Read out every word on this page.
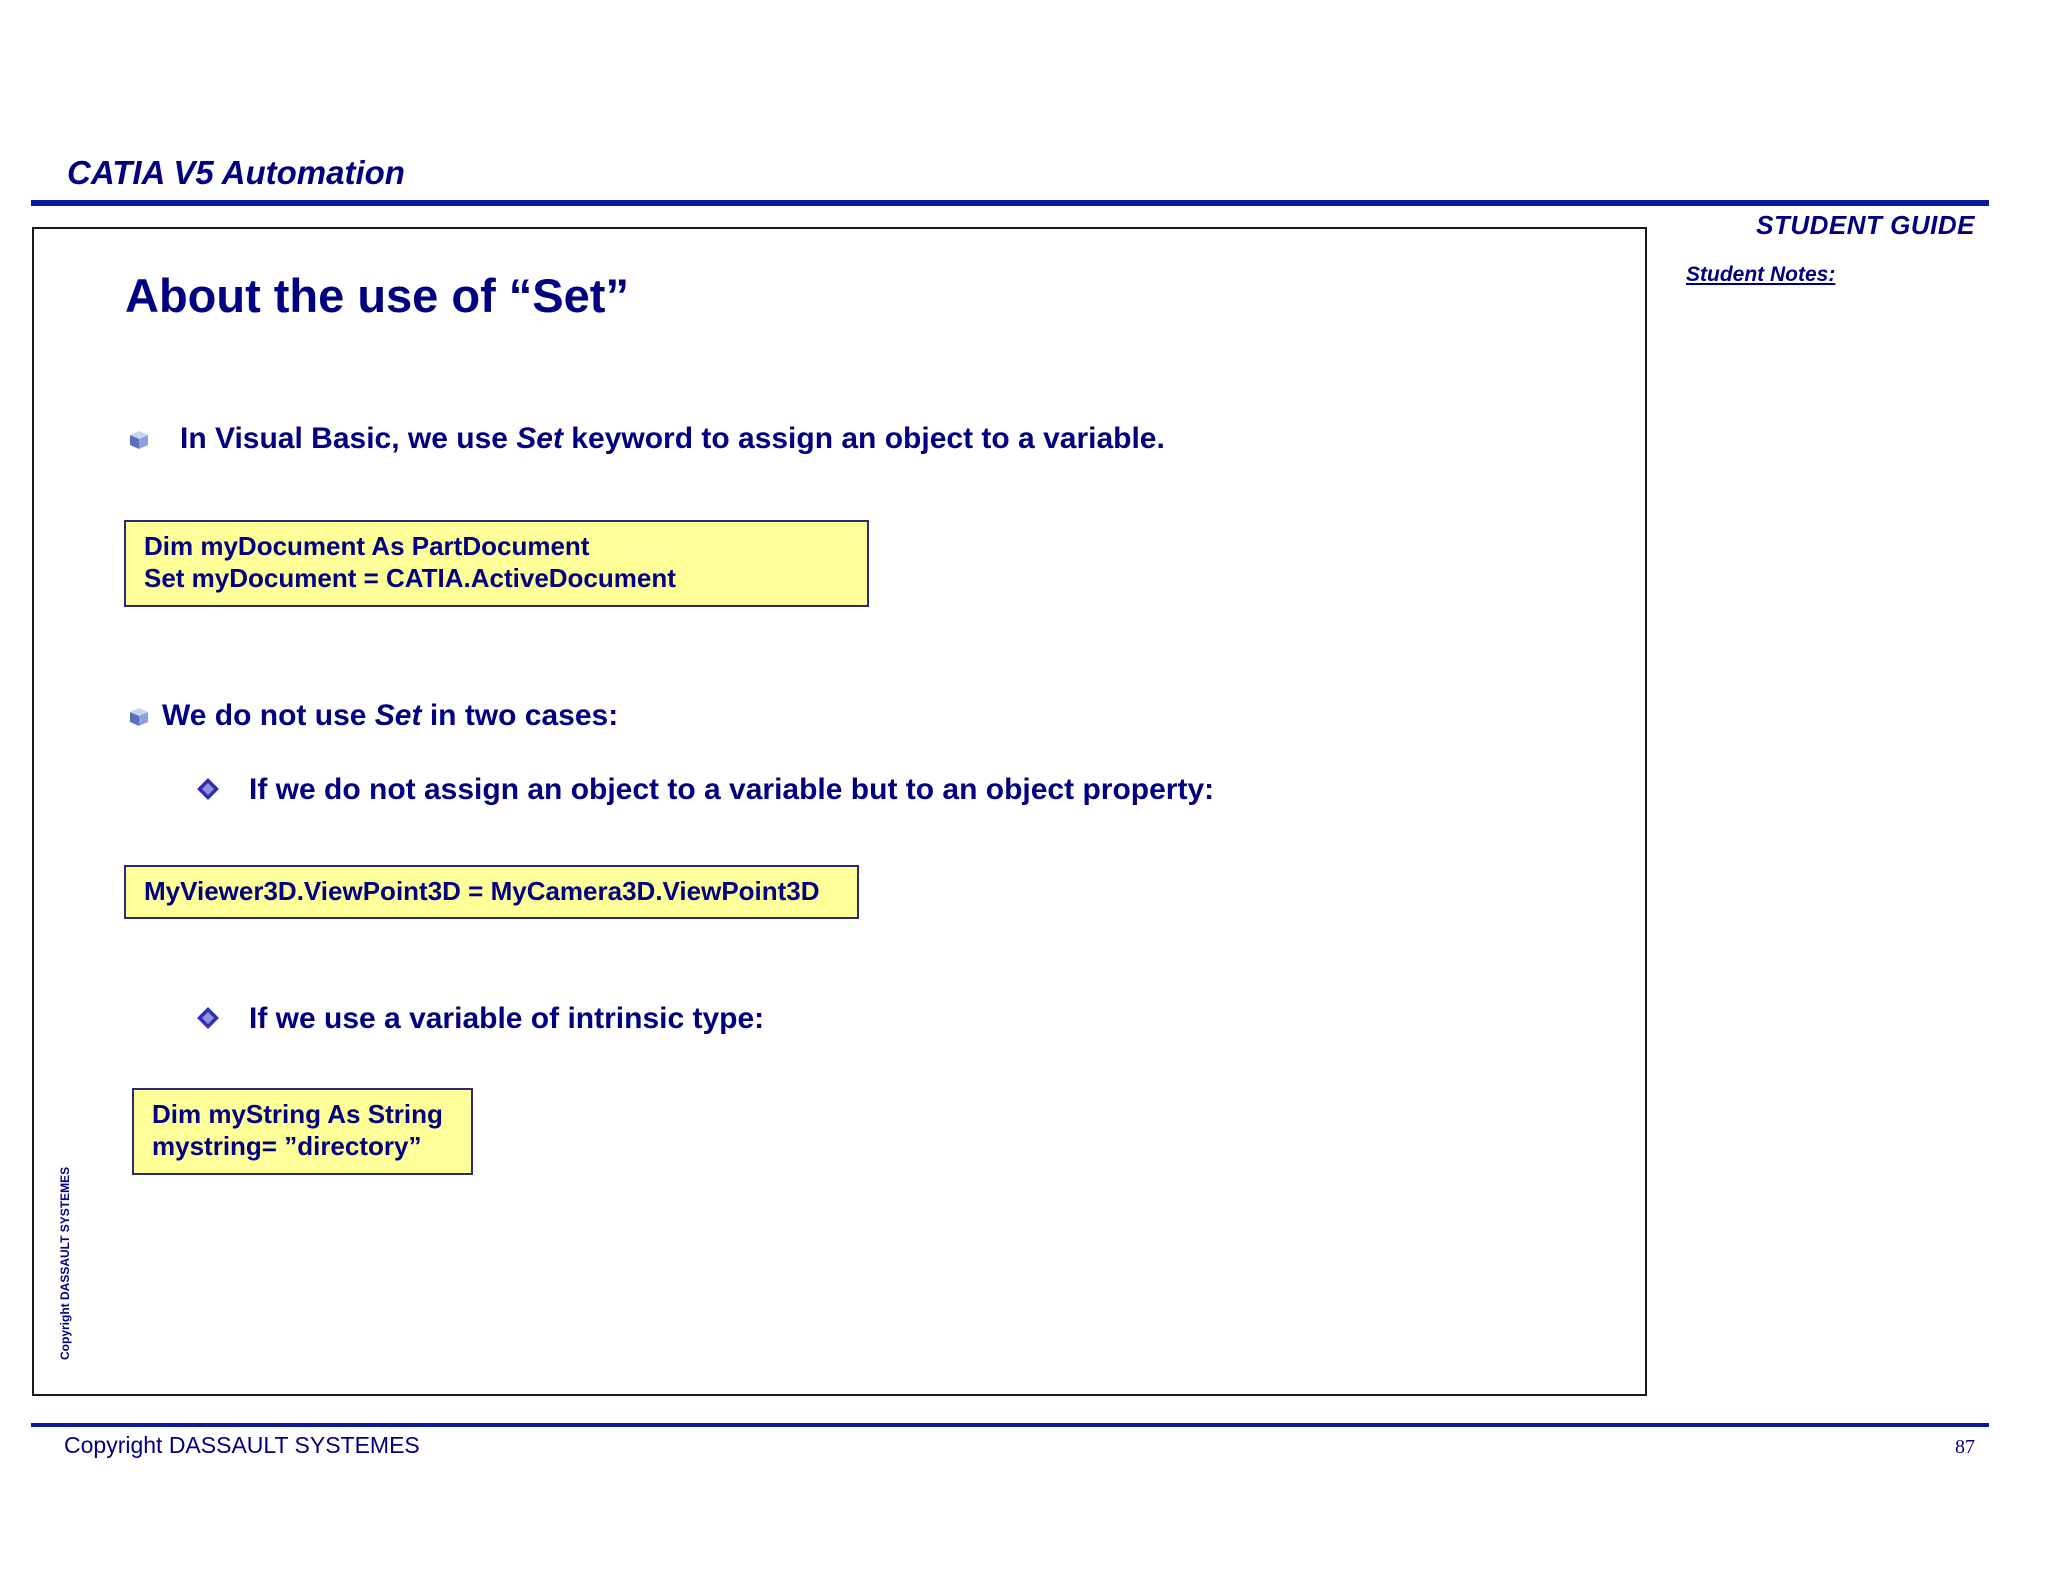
CATIA V5 Automation
STUDENT GUIDE
Student Notes:
About the use of “Set”
In Visual Basic, we use Set keyword to assign an object to a variable.
Dim myDocument As PartDocument
Set myDocument = CATIA.ActiveDocument
We do not use Set in two cases:
If we do not assign an object to a variable but to an object property:
MyViewer3D.ViewPoint3D = MyCamera3D.ViewPoint3D
If we use a variable of intrinsic type:
Dim myString As String
mystring= ”directory”
Copyright DASSAULT SYSTEMES
Copyright DASSAULT SYSTEMES	87
